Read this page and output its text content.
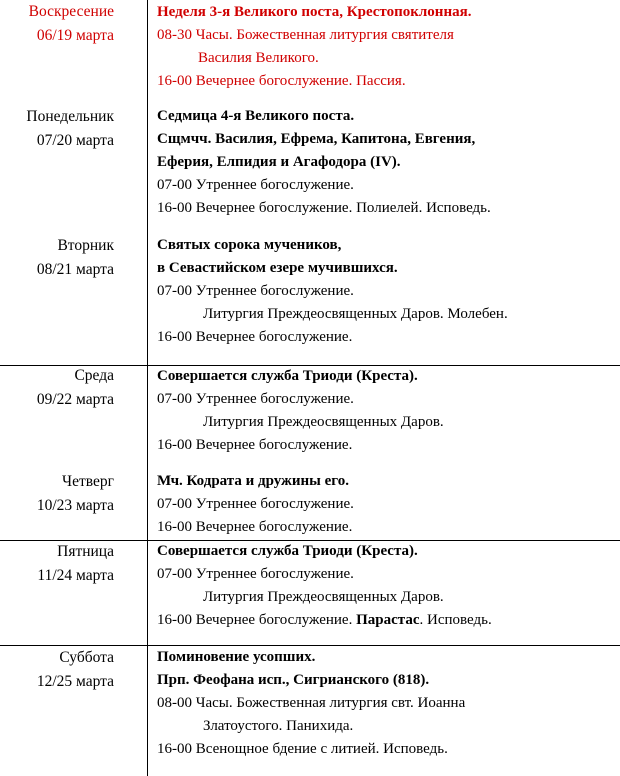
Воскресение
06/19 марта
Неделя 3-я Великого поста, Крестопоклонная.
08-30 Часы. Божественная литургия святителя
Василия Великого.
16-00 Вечернее богослужение. Пассия.
Понедельник
07/20 марта
Седмица 4-я Великого поста.
Сщмчч. Василия, Ефрема, Капитона, Евгения,
Еферия, Елпидия и Агафодора (IV).
07-00 Утреннее богослужение.
16-00 Вечернее богослужение. Полиелей. Исповедь.
Вторник
08/21 марта
Святых сорока мучеников,
в Севастийском езере мучившихся.
07-00 Утреннее богослужение.
Литургия Преждеосвященных Даров. Молебен.
16-00 Вечернее богослужение.
Среда
09/22 марта
Совершается служба Триоди (Креста).
07-00 Утреннее богослужение.
Литургия Преждеосвященных Даров.
16-00 Вечернее богослужение.
Четверг
10/23 марта
Мч. Кодрата и дружины его.
07-00 Утреннее богослужение.
16-00 Вечернее богослужение.
Пятница
11/24 марта
Совершается служба Триоди (Креста).
07-00 Утреннее богослужение.
Литургия Преждеосвященных Даров.
16-00 Вечернее богослужение. Парастас. Исповедь.
Суббота
12/25 марта
Поминовение усопших.
Прп. Феофана исп., Сигрианского (818).
08-00 Часы. Божественная литургия свт. Иоанна
Златоустого. Панихида.
16-00 Всенощное бдение с литией. Исповедь.
